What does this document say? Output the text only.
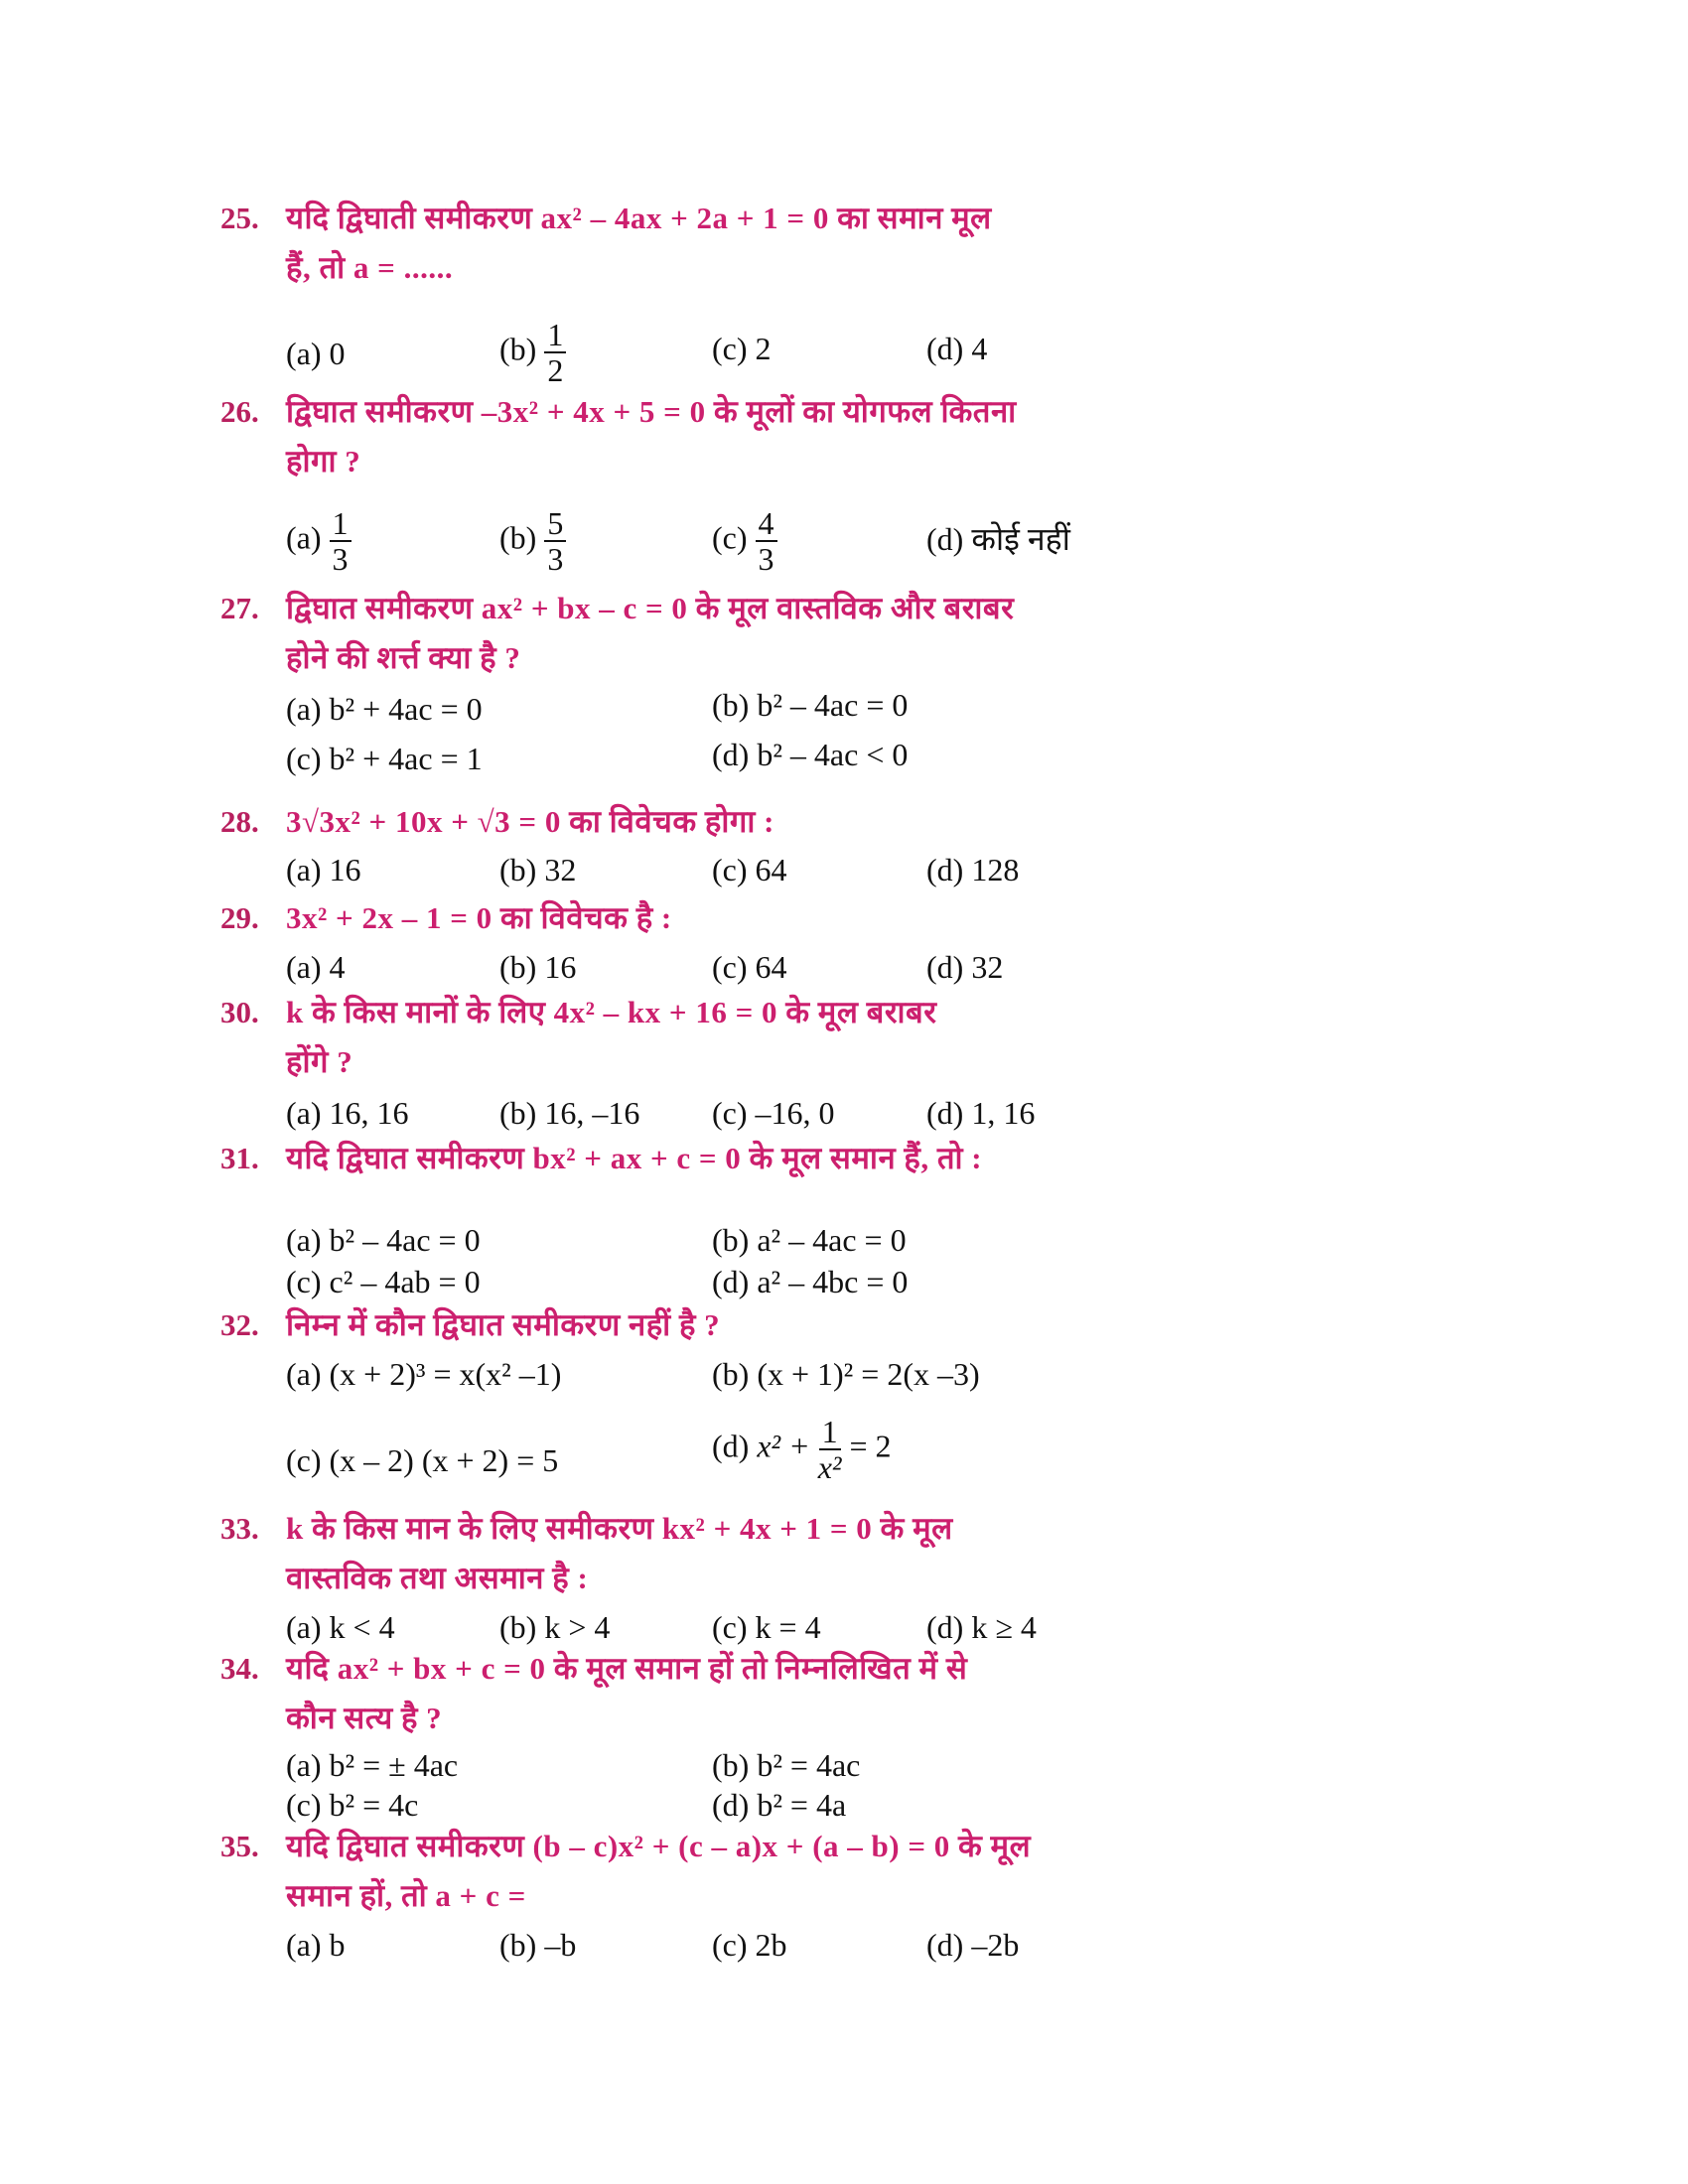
25. यदि द्विघाती समीकरण ax² – 4ax + 2a + 1 = 0 का समान मूल
हैं, तो a = ......
(a) 0	$(b) \frac{1}{2}$	(c) 2	(d) 4
26. द्विघात समीकरण –3x² + 4x + 5 = 0 के मूलों का योगफल कितना
होगा ?
$(a) \frac{1}{3}$	$(b) \frac{5}{3}$	$(c) \frac{4}{3}$	(d) कोई नहीं
27. द्विघात समीकरण ax² + bx – c = 0 के मूल वास्तविक और बराबर
होने की शर्त्त क्या है ?
(a) b² + 4ac = 0	(b) b² – 4ac = 0
(c) b² + 4ac = 1	(d) b² – 4ac < 0
28. 3√3x² + 10x + √3 = 0 का विवेचक होगा :
(a) 16	(b) 32	(c) 64	(d) 128
29. 3x² + 2x – 1 = 0 का विवेचक है :
(a) 4	(b) 16	(c) 64	(d) 32
30. k के किस मानों के लिए 4x² – kx + 16 = 0 के मूल बराबर
होंगे ?
(a) 16, 16	(b) 16, –16 (c) –16, 0	(d) 1, 16
31. यदि द्विघात समीकरण bx² + ax + c = 0 के मूल समान हैं, तो :
(a) b² – 4ac = 0	(b) a² – 4ac = 0
(c) c² – 4ab = 0	(d) a² – 4bc = 0
32. निम्न में कौन द्विघात समीकरण नहीं है ?
(a) (x + 2)³ = x(x² –1)	(b) (x + 1)² = 2(x –3)
(c) (x – 2) (x + 2) = 5	(d) $x^2 + \frac{1}{\text{x²}} = 2$
33. k के किस मान के लिए समीकरण kx² + 4x + 1 = 0 के मूल
वास्तविक तथा असमान है :
(a) k < 4	(b) k > 4	(c) k = 4	(d) k ≥ 4
34. यदि ax² + bx + c = 0 के मूल समान हों तो निम्नलिखित में से
कौन सत्य है ?
(a) b² = ± 4ac	(b) b² = 4ac
(c) b² = 4c	(d) b² = 4a
35. यदि द्विघात समीकरण (b – c)x² + (c – a)x + (a – b) = 0 के मूल
समान हों, तो a + c =
(a) b	(b) –b	(c) 2b	(d) –2b
